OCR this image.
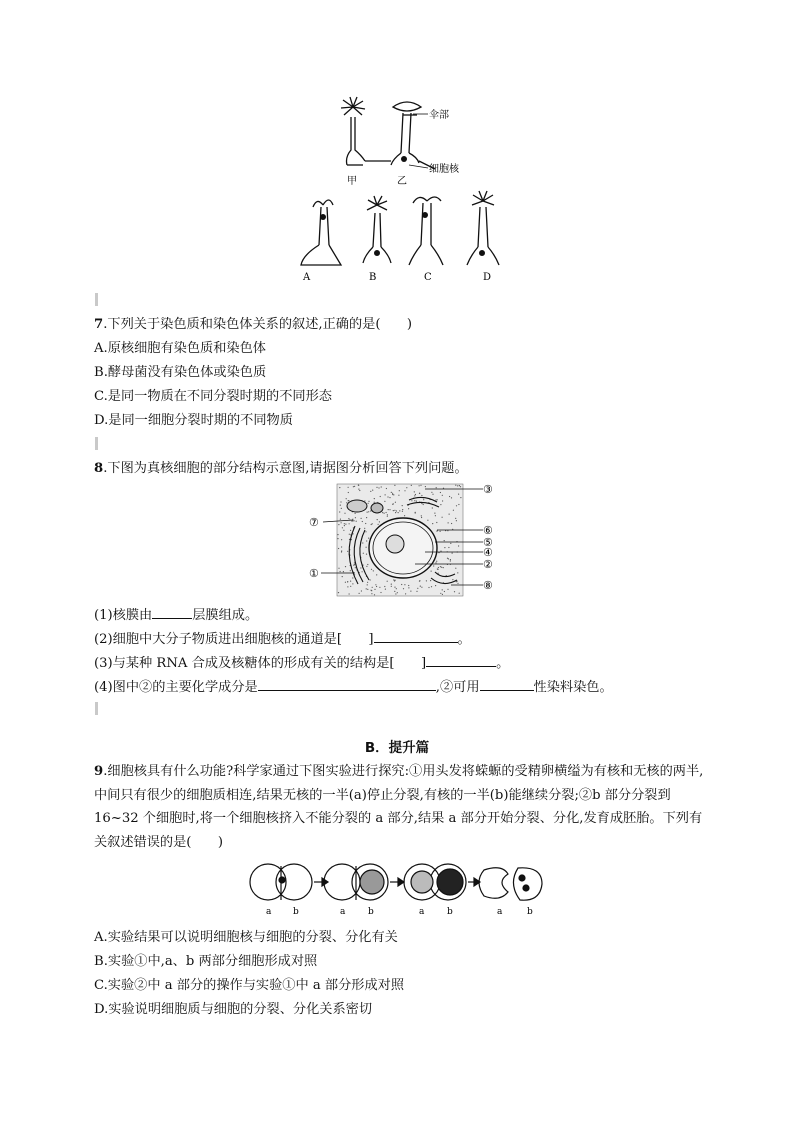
伞部
细胞核
甲	乙
A	B	C	D
7.下列关于染色质和染色体关系的叙述,正确的是(　　)
A.原核细胞有染色质和染色体
B.酵母菌没有染色体或染色质
C.是同一物质在不同分裂时期的不同形态
D.是同一细胞分裂时期的不同物质
8.下图为真核细胞的部分结构示意图,请据图分析回答下列问题。
③
⑦
⑥
⑤
④
②
①
⑧
(1)核膜由	层膜组成。
(2)细胞中大分子物质进出细胞核的通道是[　　]	。
(3)与某种 RNA 合成及核糖体的形成有关的结构是[　　]	。
(4)图中②的主要化学成分是	,②可用	性染料染色。
B．提升篇
9.细胞核具有什么功能?科学家通过下图实验进行探究:①用头发将蝾螈的受精卵横缢为有核和无核的两半,中间只有很少的细胞质相连,结果无核的一半(a)停止分裂,有核的一半(b)能继续分裂;②b 部分分裂到 16~32 个细胞时,将一个细胞核挤入不能分裂的 a 部分,结果 a 部分开始分裂、分化,发育成胚胎。下列有关叙述错误的是(　　)
a b	a	b	a	b	a	b
A.实验结果可以说明细胞核与细胞的分裂、分化有关
B.实验①中,a、b 两部分细胞形成对照
C.实验②中 a 部分的操作与实验①中 a 部分形成对照
D.实验说明细胞质与细胞的分裂、分化关系密切
